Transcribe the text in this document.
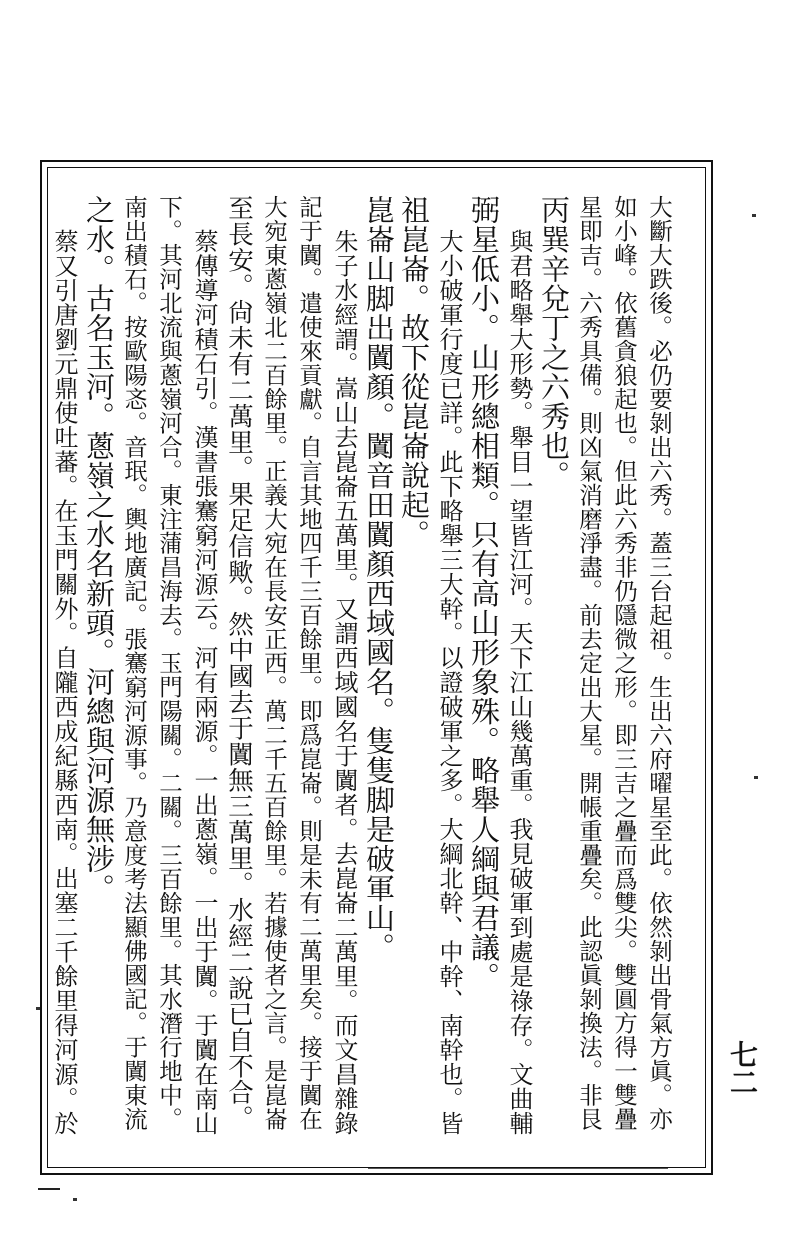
大斷大跌後。必仍要剝出六秀。蓋三台起祖。生出六府曜星至此。依然剝出骨氣方眞。亦
如小峰。依舊貪狼起也。但此六秀非仍隱微之形。即三吉之疊而爲雙尖。雙圓方得一雙疊
星即吉。六秀具備。則凶氣消磨淨盡。前去定出大星。開帳重疊矣。此認眞剝換法。非艮
丙巽辛兌丁之六秀也。
與君略舉大形勢。舉目一望皆江河。天下江山幾萬重。我見破軍到處是祿存。文曲輔
弼星低小。山形總相類。只有高山形象殊。略舉人綱與君議。
大小破軍行度已詳。此下略舉三大幹。以證破軍之多。大綱北幹、中幹、南幹也。皆
祖崑崙。故下從崑崙說起。
崑崙山脚出闐顏。闐音田闐顏西域國名。隻隻脚是破軍山。
朱子水經謂。嵩山去崑崙五萬里。又謂西域國名于闐者。去崑崙二萬里。而文昌雜錄
記于闐。遣使來貢獻。自言其地四千三百餘里。即爲崑崙。則是未有二萬里矣。接于闐在
大宛東蔥嶺北二百餘里。正義大宛在長安正西。萬二千五百餘里。若據使者之言。是崑崙
至長安。尙未有二萬里。果足信歟。然中國去于闐無三萬里。水經二說已自不合。
蔡傳導河積石引。漢書張騫窮河源云。河有兩源。一出蔥嶺。一出于闐。于闐在南山
下。其河北流與蔥嶺河合。東注蒲昌海去。玉門陽關。二關。三百餘里。其水潛行地中。
南出積石。按歐陽忞。音珉。輿地廣記。張騫窮河源事。乃意度考法顯佛國記。于闐東流
之水。古名玉河。蔥嶺之水名新頭。河總與河源無涉。
蔡又引唐劉元鼎使吐蕃。在玉門關外。自隴西成紀縣西南。出塞二千餘里得河源。於	七二
